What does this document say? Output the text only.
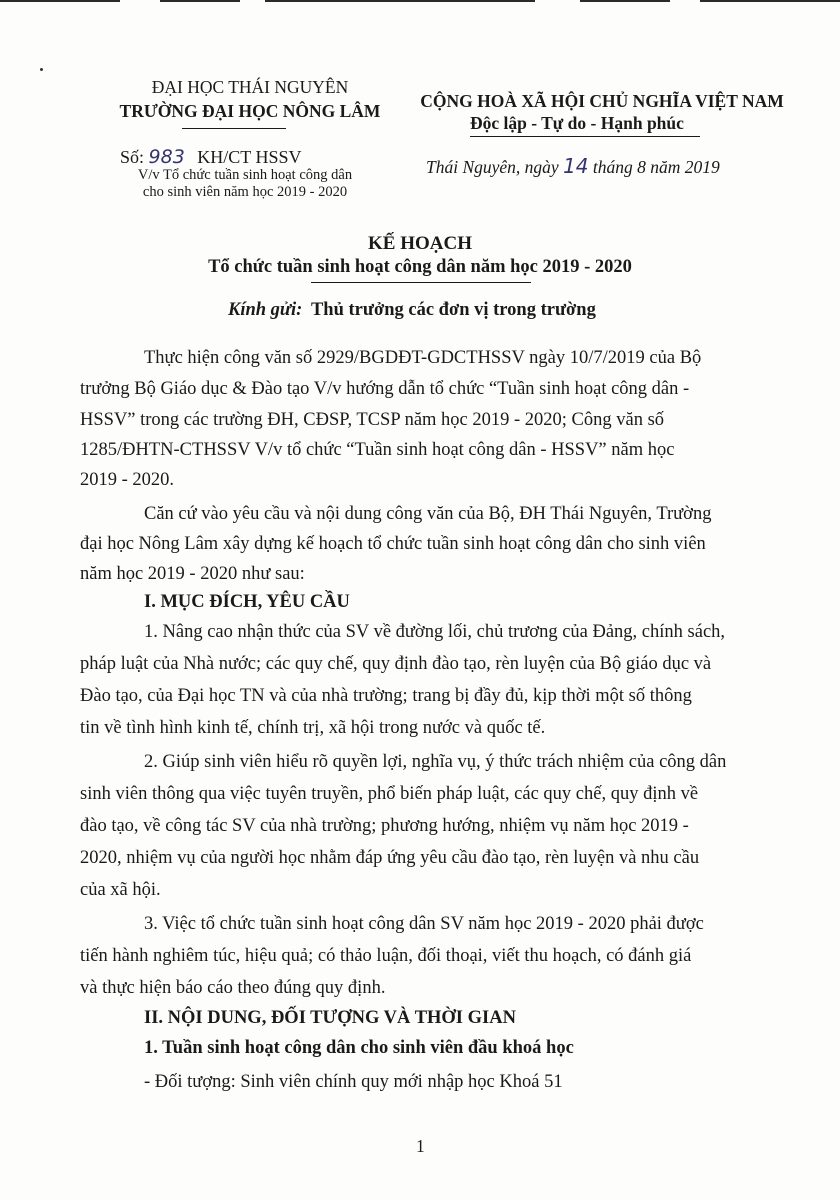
ĐẠI HỌC THÁI NGUYÊN
TRƯỜNG ĐẠI HỌC NÔNG LÂM
Số: 983 KH/CT HSSV
V/v Tổ chức tuần sinh hoạt công dân
cho sinh viên năm học 2019 - 2020
CỘNG HOÀ XÃ HỘI CHỦ NGHĨA VIỆT NAM
Độc lập - Tự do - Hạnh phúc
Thái Nguyên, ngày 14 tháng 8 năm 2019
KẾ HOẠCH
Tổ chức tuần sinh hoạt công dân năm học 2019 - 2020
Kính gửi: Thủ trưởng các đơn vị trong trường
Thực hiện công văn số 2929/BGDĐT-GDCTHSSV ngày 10/7/2019 của Bộ
trưởng Bộ Giáo dục & Đào tạo V/v hướng dẫn tổ chức “Tuần sinh hoạt công dân -
HSSV” trong các trường ĐH, CĐSP, TCSP năm học 2019 - 2020; Công văn số
1285/ĐHTN-CTHSSV V/v tổ chức “Tuần sinh hoạt công dân - HSSV” năm học
2019 - 2020.
Căn cứ vào yêu cầu và nội dung công văn của Bộ, ĐH Thái Nguyên, Trường
đại học Nông Lâm xây dựng kế hoạch tổ chức tuần sinh hoạt công dân cho sinh viên
năm học 2019 - 2020 như sau:
I. MỤC ĐÍCH, YÊU CẦU
1. Nâng cao nhận thức của SV về đường lối, chủ trương của Đảng, chính sách,
pháp luật của Nhà nước; các quy chế, quy định đào tạo, rèn luyện của Bộ giáo dục và
Đào tạo, của Đại học TN và của nhà trường; trang bị đầy đủ, kịp thời một số thông
tin về tình hình kinh tế, chính trị, xã hội trong nước và quốc tế.
2. Giúp sinh viên hiểu rõ quyền lợi, nghĩa vụ, ý thức trách nhiệm của công dân
sinh viên thông qua việc tuyên truyền, phổ biến pháp luật, các quy chế, quy định về
đào tạo, về công tác SV của nhà trường; phương hướng, nhiệm vụ năm học 2019 -
2020, nhiệm vụ của người học nhằm đáp ứng yêu cầu đào tạo, rèn luyện và nhu cầu
của xã hội.
3. Việc tổ chức tuần sinh hoạt công dân SV năm học 2019 - 2020 phải được
tiến hành nghiêm túc, hiệu quả; có thảo luận, đối thoại, viết thu hoạch, có đánh giá
và thực hiện báo cáo theo đúng quy định.
II. NỘI DUNG, ĐỐI TƯỢNG VÀ THỜI GIAN
1. Tuần sinh hoạt công dân cho sinh viên đầu khoá học
- Đối tượng: Sinh viên chính quy mới nhập học Khoá 51
1
